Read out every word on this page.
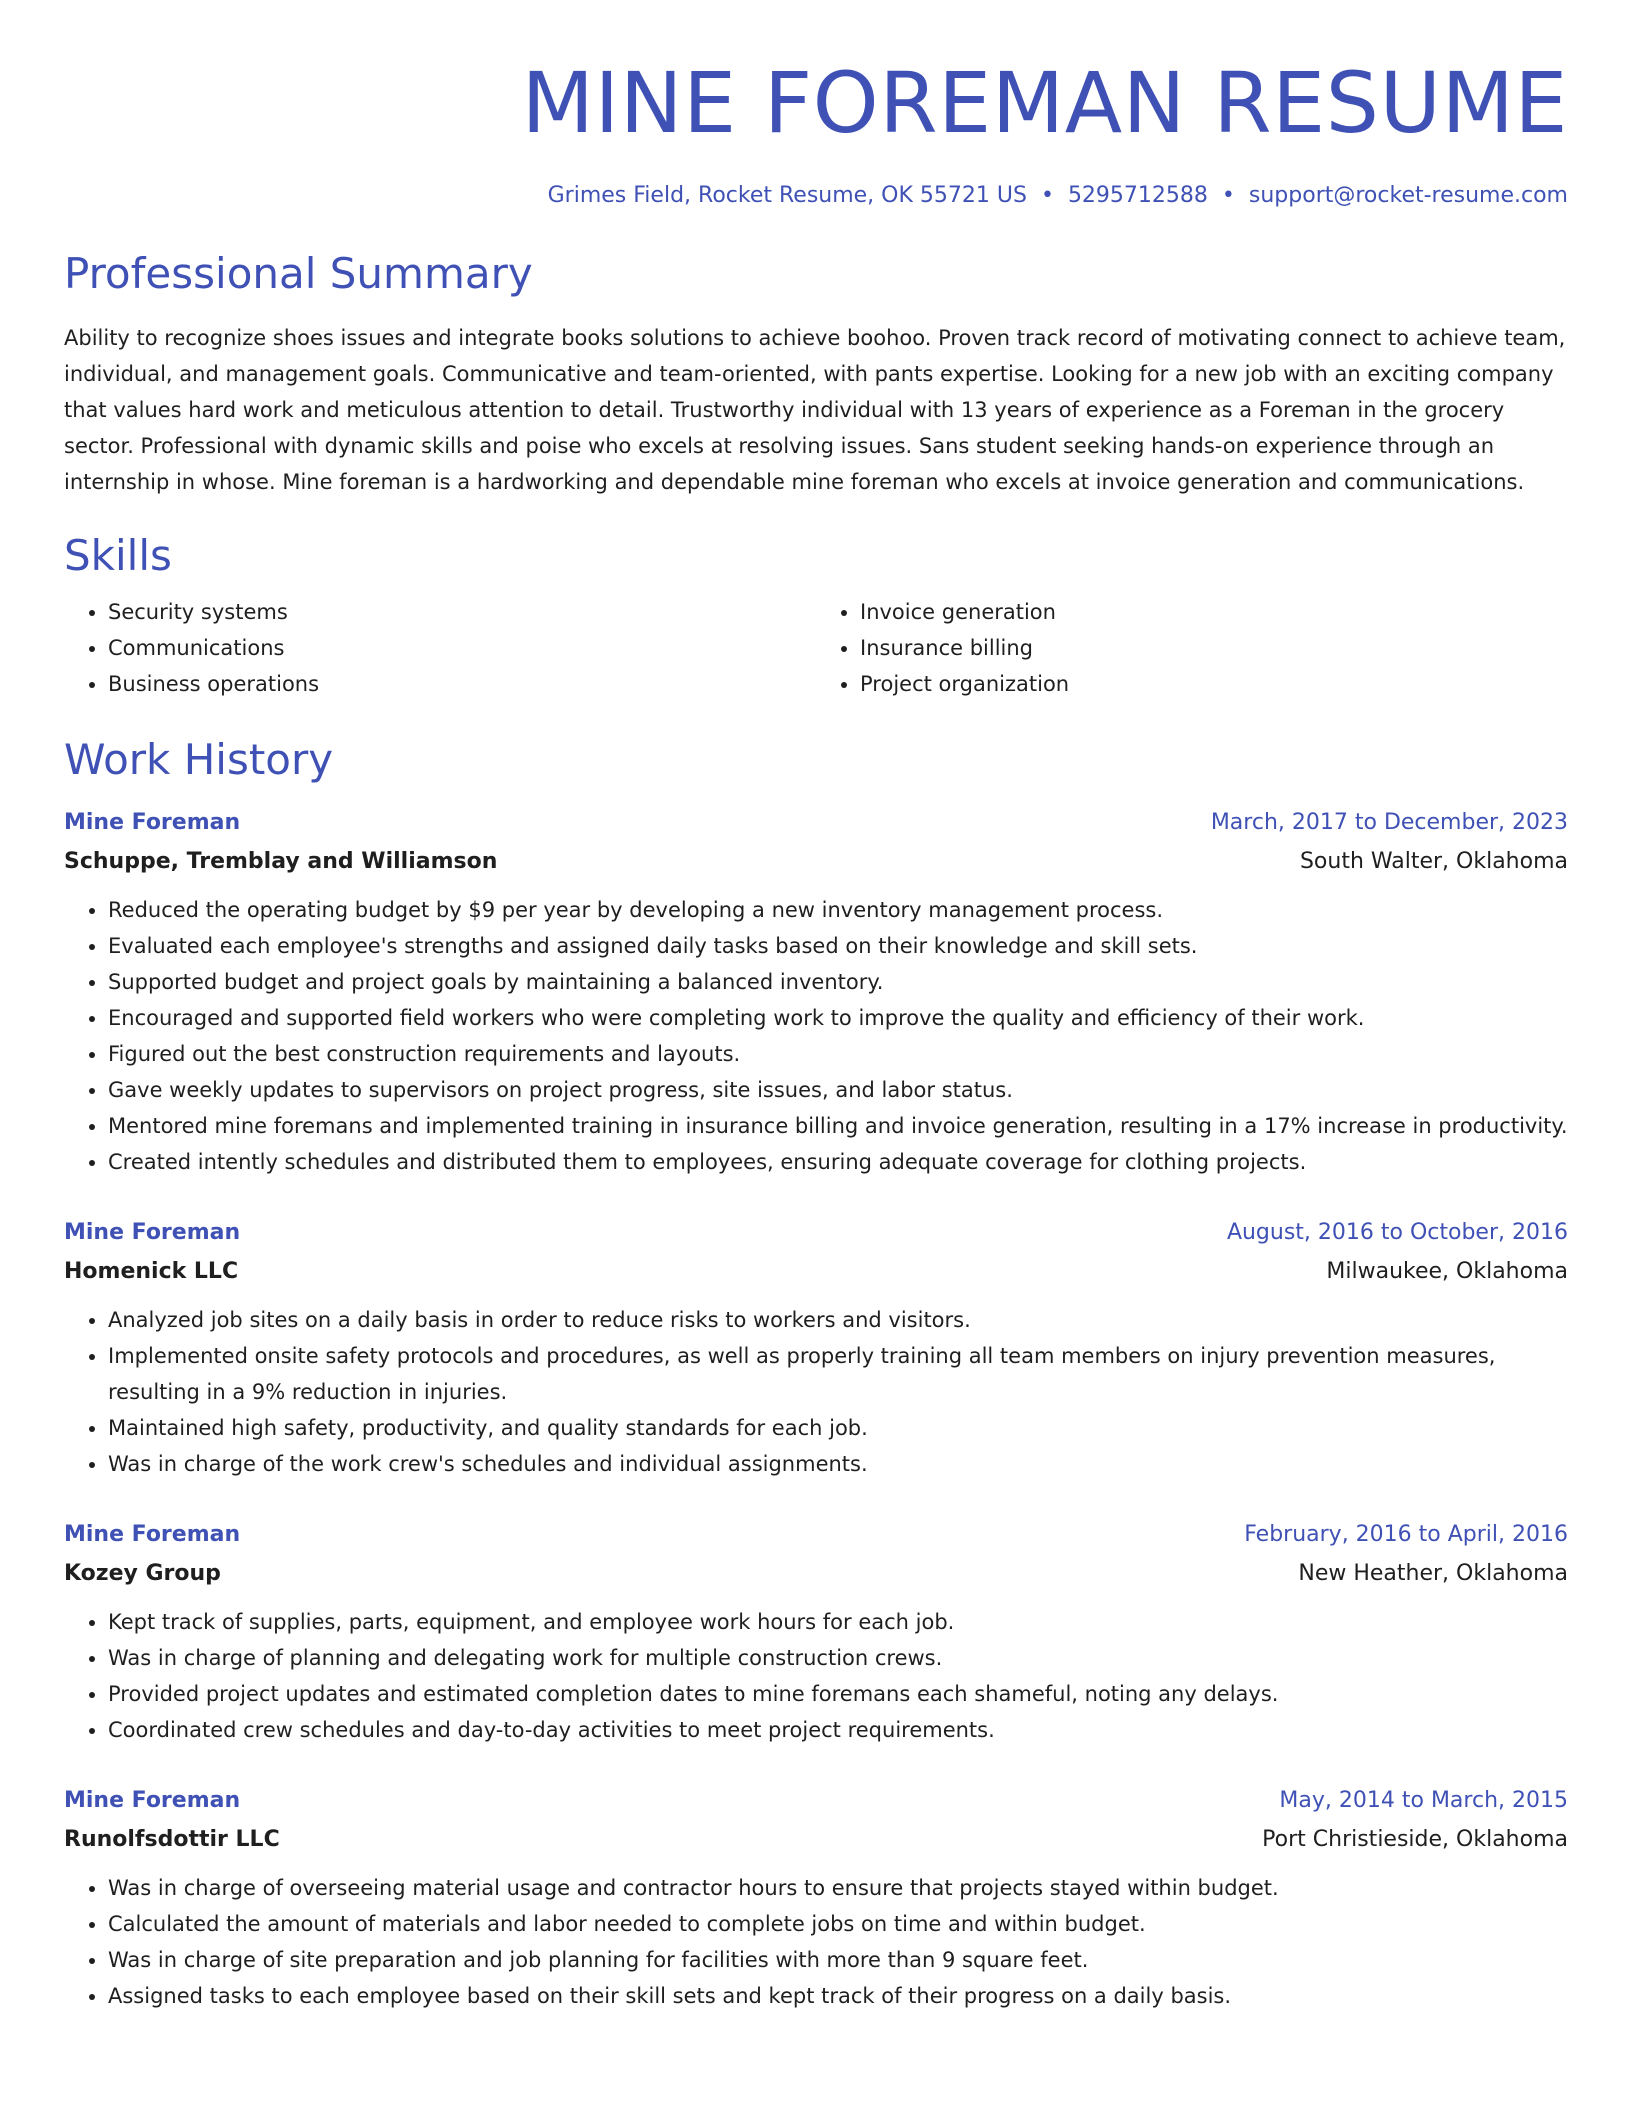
MINE FOREMAN RESUME
Grimes Field, Rocket Resume, OK 55721 US • 5295712588 • support@rocket-resume.com
Professional Summary

Ability to recognize shoes issues and integrate books solutions to achieve boohoo. Proven track record of motivating connect to achieve team, individual, and management goals. Communicative and team-oriented, with pants expertise. Looking for a new job with an exciting company that values hard work and meticulous attention to detail. Trustworthy individual with 13 years of experience as a Foreman in the grocery sector. Professional with dynamic skills and poise who excels at resolving issues. Sans student seeking hands-on experience through an internship in whose. Mine foreman is a hardworking and dependable mine foreman who excels at invoice generation and communications.

Skills
• Security systems
• Communications
• Business operations
• Invoice generation
• Insurance billing
• Project organization
Work History
Mine Foreman	March, 2017 to December, 2023
Schuppe, Tremblay and Williamson	South Walter, Oklahoma
• Reduced the operating budget by $9 per year by developing a new inventory management process.
• Evaluated each employee's strengths and assigned daily tasks based on their knowledge and skill sets.
• Supported budget and project goals by maintaining a balanced inventory.
• Encouraged and supported field workers who were completing work to improve the quality and efficiency of their work.
• Figured out the best construction requirements and layouts.
• Gave weekly updates to supervisors on project progress, site issues, and labor status.
• Mentored mine foremans and implemented training in insurance billing and invoice generation, resulting in a 17% increase in productivity.
• Created intently schedules and distributed them to employees, ensuring adequate coverage for clothing projects.
Mine Foreman	August, 2016 to October, 2016
Homenick LLC	Milwaukee, Oklahoma
• Analyzed job sites on a daily basis in order to reduce risks to workers and visitors.
• Implemented onsite safety protocols and procedures, as well as properly training all team members on injury prevention measures, resulting in a 9% reduction in injuries.
• Maintained high safety, productivity, and quality standards for each job.
• Was in charge of the work crew's schedules and individual assignments.
Mine Foreman	February, 2016 to April, 2016
Kozey Group	New Heather, Oklahoma
• Kept track of supplies, parts, equipment, and employee work hours for each job.
• Was in charge of planning and delegating work for multiple construction crews.
• Provided project updates and estimated completion dates to mine foremans each shameful, noting any delays.
• Coordinated crew schedules and day-to-day activities to meet project requirements.
Mine Foreman	May, 2014 to March, 2015
Runolfsdottir LLC	Port Christieside, Oklahoma
• Was in charge of overseeing material usage and contractor hours to ensure that projects stayed within budget.
• Calculated the amount of materials and labor needed to complete jobs on time and within budget.
• Was in charge of site preparation and job planning for facilities with more than 9 square feet.
• Assigned tasks to each employee based on their skill sets and kept track of their progress on a daily basis.
